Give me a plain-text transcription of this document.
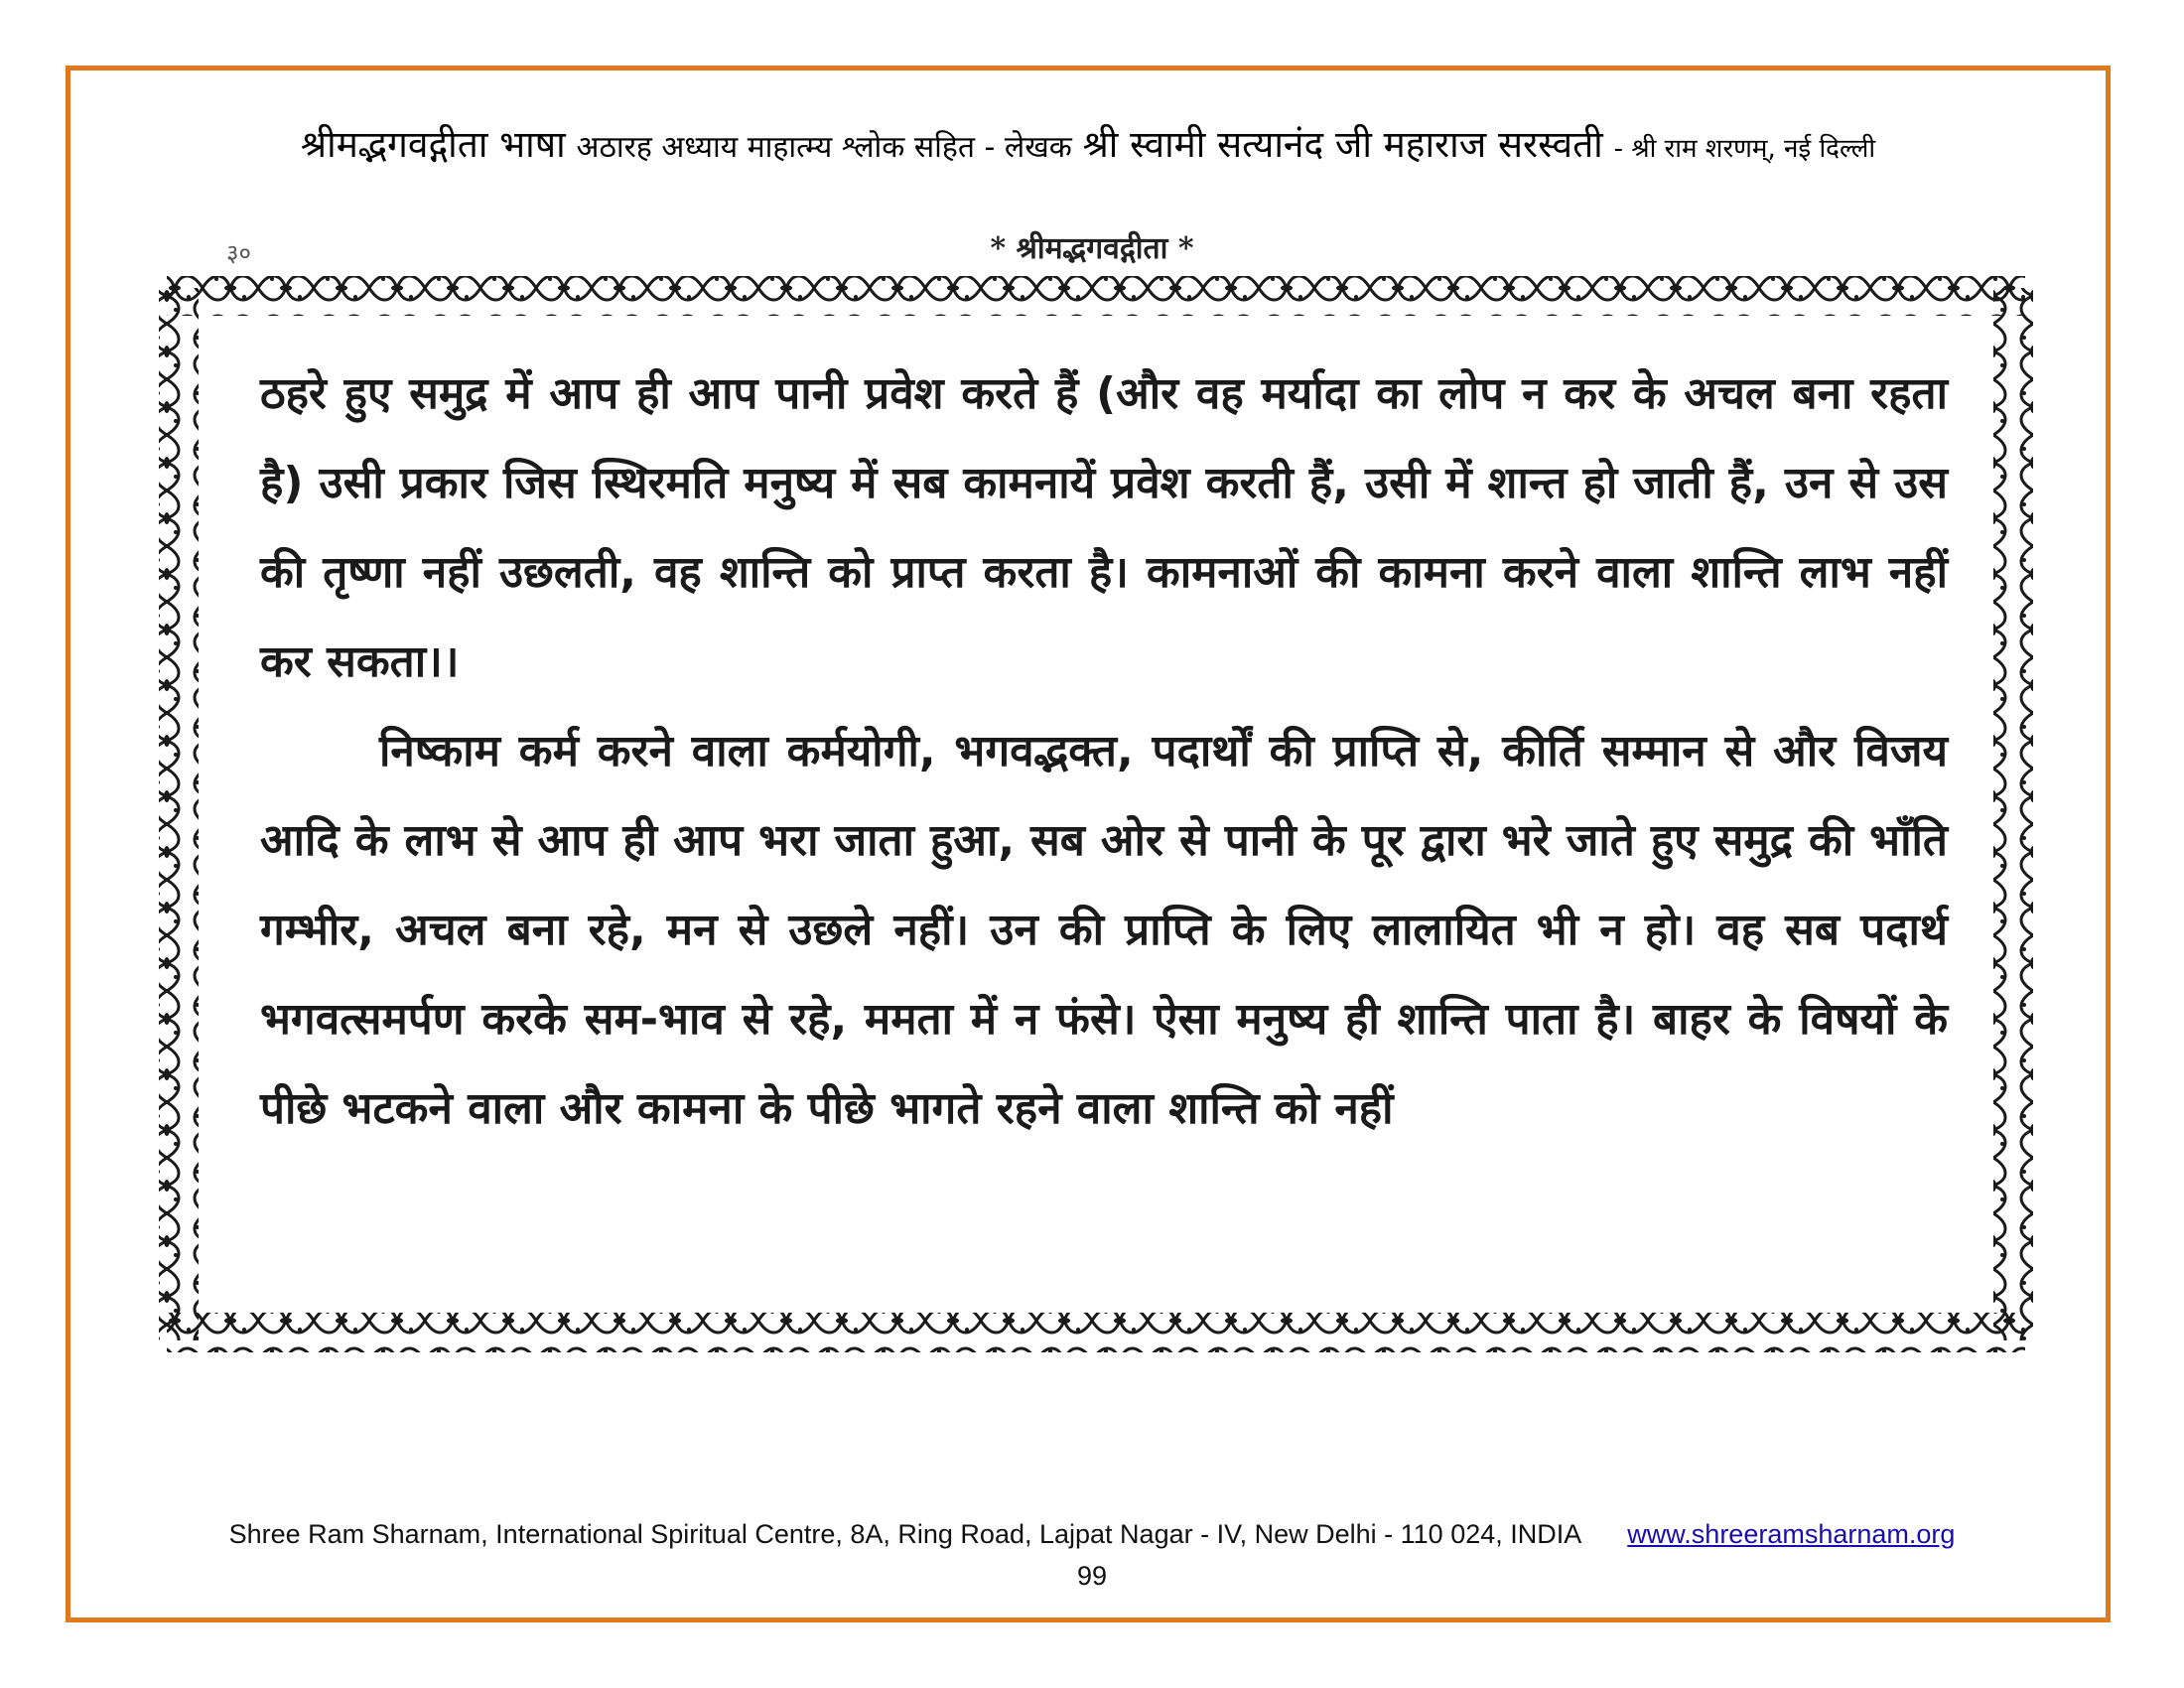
श्रीमद्भगवद्गीता भाषा अठारह अध्याय माहात्म्य श्लोक सहित - लेखक श्री स्वामी सत्यानंद जी महाराज सरस्वती - श्री राम शरणम्, नई दिल्ली
३०	* श्रीमद्भगवद्गीता *

ठहरे हुए समुद्र में आप ही आप पानी प्रवेश करते हैं (और वह मर्यादा का लोप न कर के अचल बना रहता है) उसी प्रकार जिस स्थिरमति मनुष्य में सब कामनायें प्रवेश करती हैं, उसी में शान्त हो जाती हैं, उन से उस की तृष्णा नहीं उछलती, वह शान्ति को प्राप्त करता है। कामनाओं की कामना करने वाला शान्ति लाभ नहीं कर सकता।।

निष्काम कर्म करने वाला कर्मयोगी, भगवद्भक्त, पदार्थों की प्राप्ति से, कीर्ति सम्मान से और विजय आदि के लाभ से आप ही आप भरा जाता हुआ, सब ओर से पानी के पूर द्वारा भरे जाते हुए समुद्र की भाँति गम्भीर, अचल बना रहे, मन से उछले नहीं। उन की प्राप्ति के लिए लालायित भी न हो। वह सब पदार्थ भगवत्समर्पण करके सम-भाव से रहे, ममता में न फंसे। ऐसा मनुष्य ही शान्ति पाता है। बाहर के विषयों के पीछे भटकने वाला और कामना के पीछे भागते रहने वाला शान्ति को नहीं

Shree Ram Sharnam, International Spiritual Centre, 8A, Ring Road, Lajpat Nagar - IV, New Delhi - 110 024, INDIA www.shreeramsharnam.org
99
